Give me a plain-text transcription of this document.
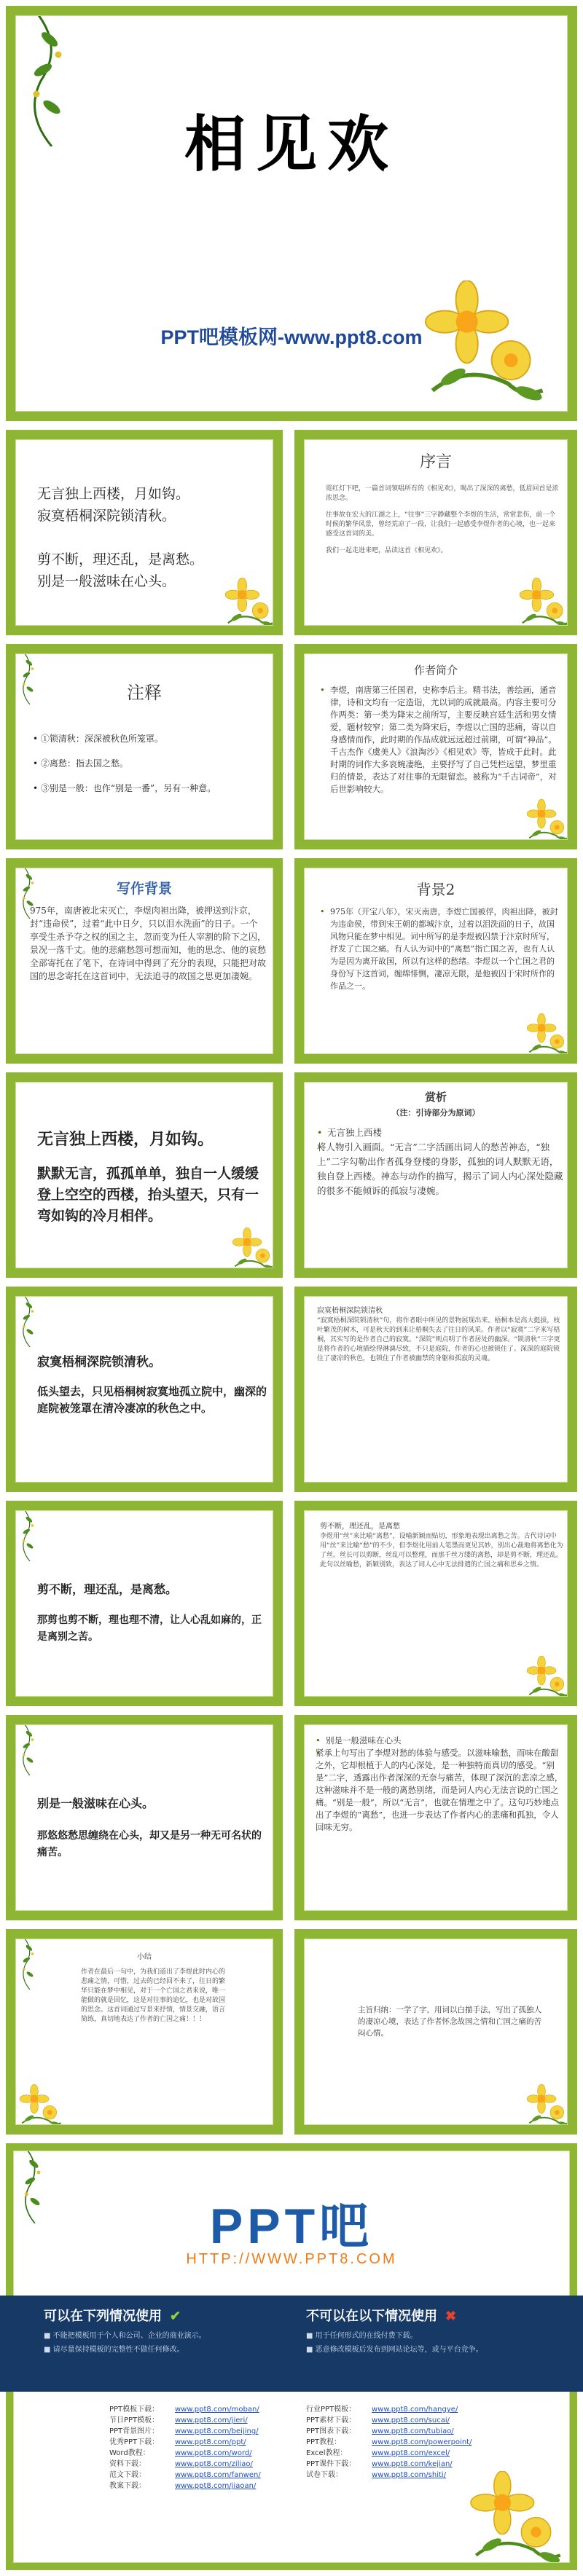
相见欢
PPT吧模板网-www.ppt8.com
无言独上西楼，月如钩。
寂寞梧桐深院锁清秋。
剪不断，理还乱，是离愁。
别是一般滋味在心头。
序言

霓红灯下吧，一篇首词领唱所有的《相见欢》，喝出了深深的离愁，低眉回首是浓浓思念。

往事故在宏大的江湖之上，“往事”三字静藏整个李煜的生活，常常悲伤，前一个时候的繁华风景，曾经荒凉了一段，让我们一起感受李煜作者的心境，也一起来感受这首词的美。

我们一起走进来吧，品读这首《相见欢》。

注释
• ①锁清秋：深深被秋色所笼罩。
• ②离愁：指去国之愁。
• ③别是一般：也作“别是一番”，另有一种意。
作者简介
• 李煜，南唐第三任国君，史称李后主。精书法，善绘画，通音律，诗和文均有一定造诣，尤以词的成就最高。内容主要可分作两类：第一类为降宋之前所写，主要反映宫廷生活和男女情爱，题材较窄；第二类为降宋后，李煜以亡国的悲痛，寄以自身感情而作，此时期的作品成就远远超过前期，可谓“神品”。千古杰作《虞美人》《浪淘沙》《相见欢》等，皆成于此时。此时期的词作大多哀婉凄绝，主要抒写了自己凭栏远望，梦里重归的情景，表达了对往事的无限留恋。被称为“千古词帝”，对后世影响较大。
写作背景
975年，南唐被北宋灭亡，李煜肉袒出降，被押送到汴京，封“违命侯”，过着“此中日夕，只以泪水洗面”的日子。一个享受生杀予夺之权的国之主，忽而变为任人宰割的阶下之囚，景况一落千丈。他的悲痛愁怨可想而知，他的思念、他的哀愁全部寄托在了笔下，在诗词中得到了充分的表现，只能把对故国的思念寄托在这首词中，无法追寻的故国之思更加凄婉。
背景2
• 975年（开宝八年），宋灭南唐，李煜亡国被俘，肉袒出降，被封为违命侯，带到宋王朝的都城汴京，过着以泪洗面的日子，故国风物只能在梦中相见。词中所写的是李煜被囚禁于汴京时所写，抒发了亡国之痛。有人认为词中的“离愁”指亡国之苦，也有人认为是因为离开故国，所以有这样的愁绪。李煜以一个亡国之君的身份写下这首词，缠绵悱恻，凄凉无限，是他被囚于宋时所作的作品之一。
无言独上西楼，月如钩。
默默无言，孤孤单单，独自一人缓缓登上空空的西楼，抬头望天，只有一弯如钩的冷月相伴。
赏析
（注：引诗部分为原词）
• 无言独上西楼
• 将人物引入画面。“无言”二字活画出词人的愁苦神态，“独上”二字勾勒出作者孤身登楼的身影，孤独的词人默默无语，独自登上西楼。神态与动作的描写，揭示了词人内心深处隐藏的很多不能倾诉的孤寂与凄婉。
寂寞梧桐深院锁清秋。
低头望去，只见梧桐树寂寞地孤立院中，幽深的庭院被笼罩在清冷凄凉的秋色之中。
寂寞梧桐深院锁清秋
“寂寞梧桐深院锁清秋”句，将作者眼中所见的景物展现出来。梧桐本是高大挺拔，枝叶繁茂的树木，可是秋天的到来让梧桐失去了往日的风采。作者以“寂寞”二字来写梧桐，其实写的是作者自己的寂寞。“深院”则点明了作者居处的幽深。“锁清秋”三字更是将作者的心境描绘得淋漓尽致，不只是庭院，作者的心也被锁住了。深深的庭院锁住了凄凉的秋色，也锁住了作者被幽禁的身躯和孤寂的灵魂。
剪不断，理还乱，是离愁。
那剪也剪不断，理也理不清，让人心乱如麻的，正是离别之苦。
剪不断，理还乱，是离愁
李煜用“丝”来比喻“离愁”，设喻新颖而贴切，形象地表现出离愁之苦。古代诗词中用“丝”来比喻“愁”的不少，但李煜化用前人笔墨而更见其妙，别出心裁地将离愁化为了丝。丝长可以剪断，丝乱可以整理，而那千丝万缕的离愁，却是剪不断，理还乱。此句以丝喻愁，新颖别致，表达了词人心中无法排遣的亡国之痛和思乡之情。
别是一般滋味在心头。
那悠悠愁思缠绕在心头，却又是另一种无可名状的痛苦。
• 别是一般滋味在心头
• 紧承上句写出了李煜对愁的体验与感受。以滋味喻愁，而味在酸甜之外，它却根植于人的内心深处，是一种独特而真切的感受。“别是”二字，透露出作者深深的无奈与痛苦，体现了深沉的悲凉之感，这种滋味并不是一般的离愁别绪，而是词人内心无法言说的亡国之痛。“别是一般”，所以“无言”，也就在情理之中了。这句巧妙地点出了李煜的“离愁”，也进一步表达了作者内心的悲痛和孤独，令人回味无穷。
小结
作者在最后一句中，为我们道出了李煜此时内心的悲痛之情，可惜，过去的已经回不来了，往日的繁华只能在梦中相见，对于一个亡国之君来说，唯一能做的就是回忆，这是对往事的追忆，也是对故国的思念。这首词通过写景来抒情，情景交融，语言简练，真切地表达了作者的亡国之痛！！！
主旨归纳：一学了字，用词以白描手法，写出了孤独人的凄凉心境，表达了作者怀念故国之情和亡国之痛的苦闷心情。
PPT吧
HTTP://WWW.PPT8.COM
可以在下列情况使用 ✔
■ 不能把模板用于个人和公司、企业的商业演示。
■ 请尽量保持模板的完整性不做任何修改。
不可以在以下情况使用 ✖
■ 用于任何形式的在线付费下载。
■ 恶意修改模板后发布到网站论坛等，或与平台竞争。
PPT模板下载：	www.ppt8.com/moban/
节日PPT模板：	www.ppt8.com/jieri/
PPT背景图片：	www.ppt8.com/beijing/
优秀PPT下载：	www.ppt8.com/ppt/
Word教程：	www.ppt8.com/word/
资料下载：	www.ppt8.com/ziliao/
范文下载：	www.ppt8.com/fanwen/
教案下载：	www.ppt8.com/jiaoan/
行业PPT模板：	www.ppt8.com/hangye/
PPT素材下载：	www.ppt8.com/sucai/
PPT图表下载：	www.ppt8.com/tubiao/
PPT教程：	www.ppt8.com/powerpoint/
Excel教程：	www.ppt8.com/excel/
PPT课件下载：	www.ppt8.com/kejian/
试卷下载：	www.ppt8.com/shiti/
